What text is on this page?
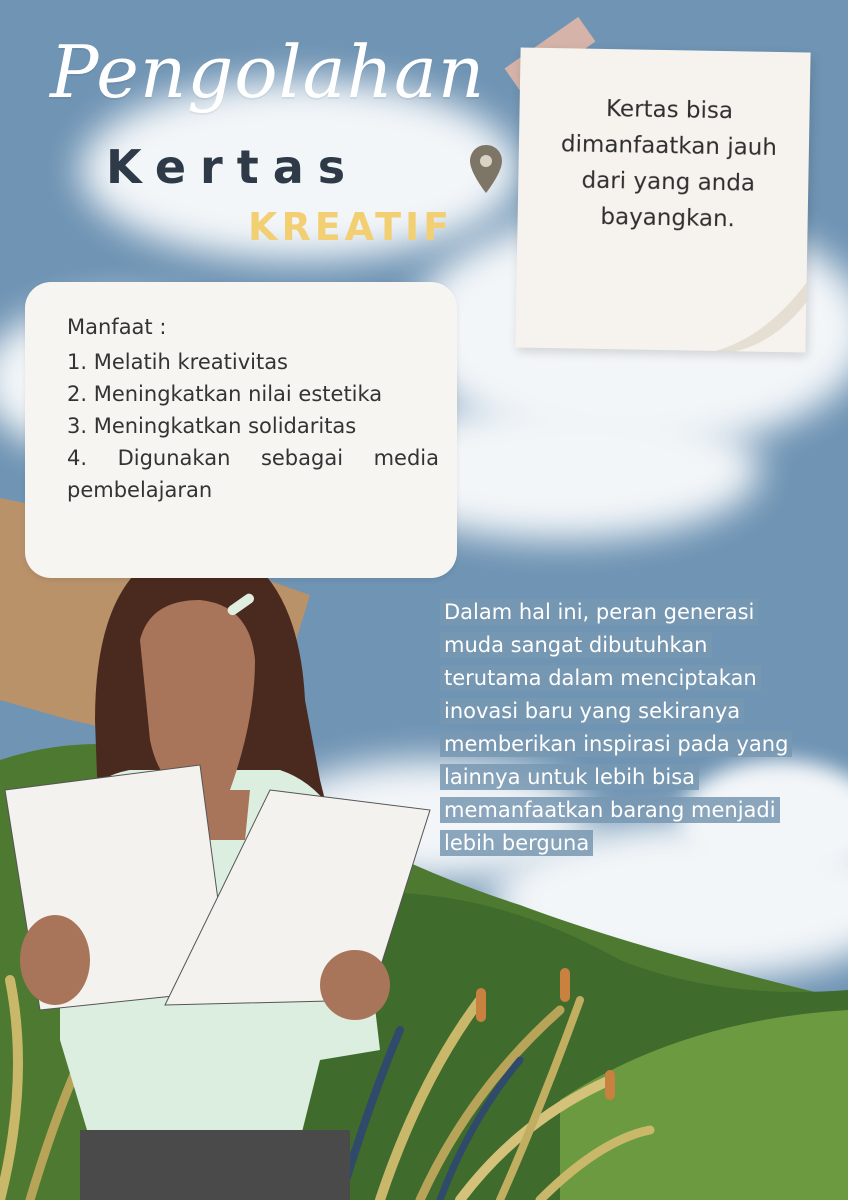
Pengolahan
Kertas
KREATIF
Kertas bisa dimanfaatkan jauh dari yang anda bayangkan.
Manfaat :
1. Melatih kreativitas
2. Meningkatkan nilai estetika
3. Meningkatkan solidaritas
4. Digunakan sebagai media pembelajaran
Dalam hal ini, peran generasi muda sangat dibutuhkan terutama dalam menciptakan inovasi baru yang sekiranya memberikan inspirasi pada yang lainnya untuk lebih bisa memanfaatkan barang menjadi lebih berguna
